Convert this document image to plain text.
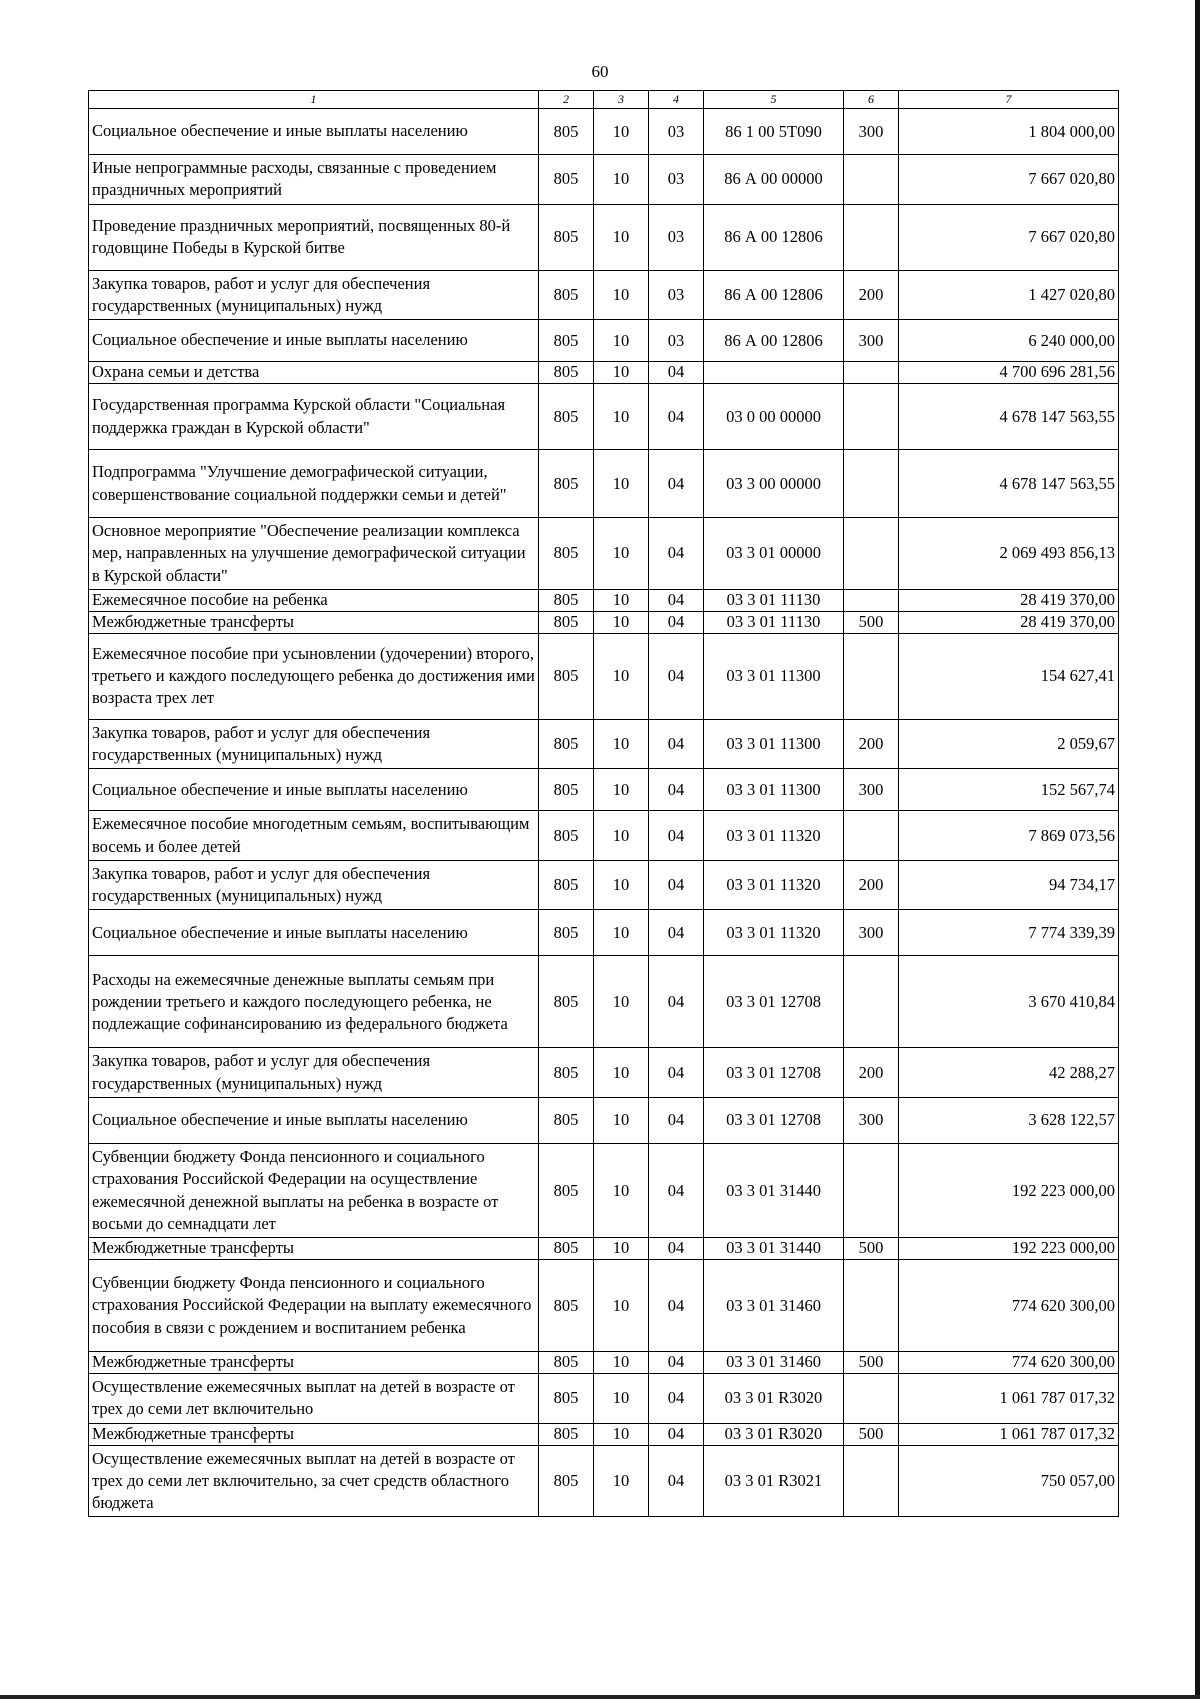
60
1	2	3	4	5	6	7
Социальное обеспечение и иные выплаты населению	805	10	03	86 1 00 5Т090	300	1 804 000,00
Иные непрограммные расходы, связанные с проведением праздничных мероприятий	805	10	03	86 А 00 00000		7 667 020,80
Проведение праздничных мероприятий, посвященных 80-й годовщине Победы в Курской битве	805	10	03	86 А 00 12806		7 667 020,80
Закупка товаров, работ и услуг для обеспечения государственных (муниципальных) нужд	805	10	03	86 А 00 12806	200	1 427 020,80
Социальное обеспечение и иные выплаты населению	805	10	03	86 А 00 12806	300	6 240 000,00
Охрана семьи и детства	805	10	04			4 700 696 281,56
Государственная программа Курской области "Социальная поддержка граждан в Курской области"	805	10	04	03 0 00 00000		4 678 147 563,55
Подпрограмма "Улучшение демографической ситуации, совершенствование социальной поддержки семьи и детей"	805	10	04	03 3 00 00000		4 678 147 563,55
Основное мероприятие "Обеспечение реализации комплекса мер, направленных на улучшение демографической ситуации в Курской области"	805	10	04	03 3 01 00000		2 069 493 856,13
Ежемесячное пособие на ребенка	805	10	04	03 3 01 11130		28 419 370,00
Межбюджетные трансферты	805	10	04	03 3 01 11130	500	28 419 370,00
Ежемесячное пособие при усыновлении (удочерении) второго, третьего и каждого последующего ребенка до достижения ими возраста трех лет	805	10	04	03 3 01 11300		154 627,41
Закупка товаров, работ и услуг для обеспечения государственных (муниципальных) нужд	805	10	04	03 3 01 11300	200	2 059,67
Социальное обеспечение и иные выплаты населению	805	10	04	03 3 01 11300	300	152 567,74
Ежемесячное пособие многодетным семьям, воспитывающим восемь и более детей	805	10	04	03 3 01 11320		7 869 073,56
Закупка товаров, работ и услуг для обеспечения государственных (муниципальных) нужд	805	10	04	03 3 01 11320	200	94 734,17
Социальное обеспечение и иные выплаты населению	805	10	04	03 3 01 11320	300	7 774 339,39
Расходы на ежемесячные денежные выплаты семьям при рождении третьего и каждого последующего ребенка, не подлежащие софинансированию из федерального бюджета	805	10	04	03 3 01 12708		3 670 410,84
Закупка товаров, работ и услуг для обеспечения государственных (муниципальных) нужд	805	10	04	03 3 01 12708	200	42 288,27
Социальное обеспечение и иные выплаты населению	805	10	04	03 3 01 12708	300	3 628 122,57
Субвенции бюджету Фонда пенсионного и социального страхования Российской Федерации на осуществление ежемесячной денежной выплаты на ребенка в возрасте от восьми до семнадцати лет	805	10	04	03 3 01 31440		192 223 000,00
Межбюджетные трансферты	805	10	04	03 3 01 31440	500	192 223 000,00
Субвенции бюджету Фонда пенсионного и социального страхования Российской Федерации на выплату ежемесячного пособия в связи с рождением и воспитанием ребенка	805	10	04	03 3 01 31460		774 620 300,00
Межбюджетные трансферты	805	10	04	03 3 01 31460	500	774 620 300,00
Осуществление ежемесячных выплат на детей в возрасте от трех до семи лет включительно	805	10	04	03 3 01 R3020		1 061 787 017,32
Межбюджетные трансферты	805	10	04	03 3 01 R3020	500	1 061 787 017,32
Осуществление ежемесячных выплат на детей в возрасте от трех до семи лет включительно, за счет средств областного бюджета	805	10	04	03 3 01 R3021		750 057,00
